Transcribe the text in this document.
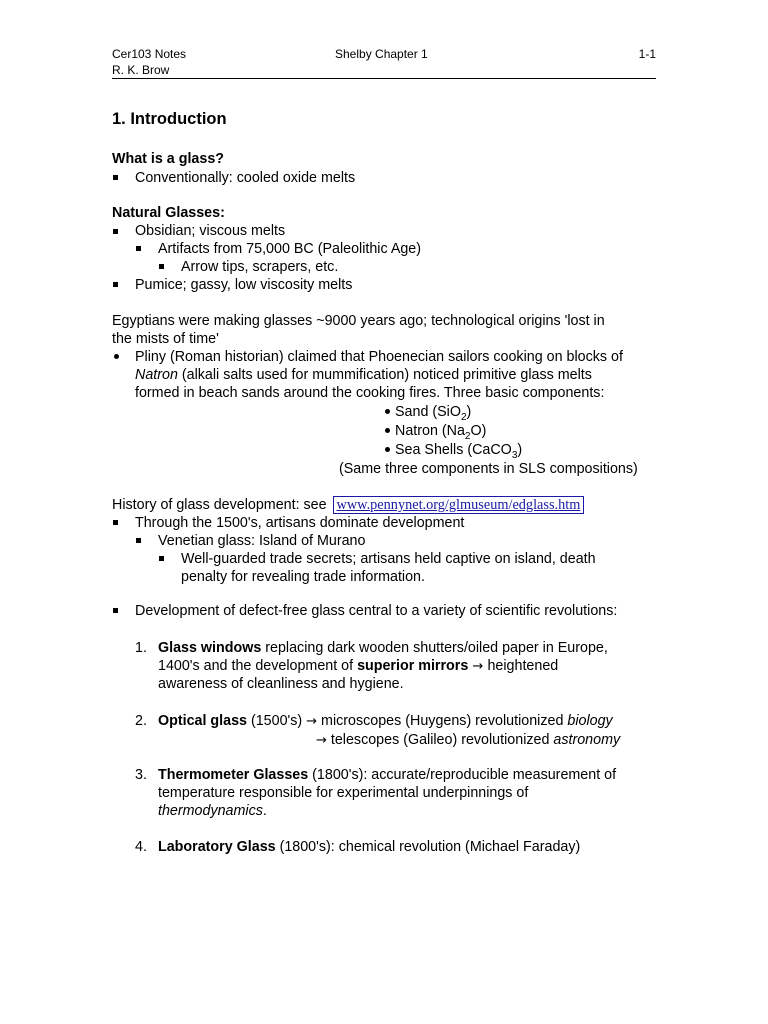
Cer103 Notes
R. K. Brow
Shelby Chapter 1	1-1
1. Introduction
What is a glass?
Conventionally: cooled oxide melts
Natural Glasses:
Obsidian; viscous melts
Artifacts from 75,000 BC (Paleolithic Age)
Arrow tips, scrapers, etc.
Pumice; gassy, low viscosity melts
Egyptians were making glasses ~9000 years ago; technological origins 'lost in
the mists of time'
Pliny (Roman historian) claimed that Phoenecian sailors cooking on blocks of
Natron (alkali salts used for mummification) noticed primitive glass melts
formed in beach sands around the cooking fires. Three basic components:
Sand (SiO$_2$)
Natron $(Na_2O)$
Sea Shells (CaCO$_3$)
(Same three components in SLS compositions)
History of glass development: see www.pennynet.org/glmuseum/edglass.htm
Through the 1500's, artisans dominate development
Venetian glass: Island of Murano
Well-guarded trade secrets; artisans held captive on island, death
penalty for revealing trade information.
Development of defect-free glass central to a variety of scientific revolutions:
1. Glass windows replacing dark wooden shutters/oiled paper in Europe,
1400's and the development of superior mirrors → heightened
awareness of cleanliness and hygiene.
2. Optical glass (1500's) → microscopes (Huygens) revolutionized biology
→ telescopes (Galileo) revolutionized astronomy
3. Thermometer Glasses (1800's): accurate/reproducible measurement of
temperature responsible for experimental underpinnings of
thermodynamics.
4. Laboratory Glass (1800's): chemical revolution (Michael Faraday)
